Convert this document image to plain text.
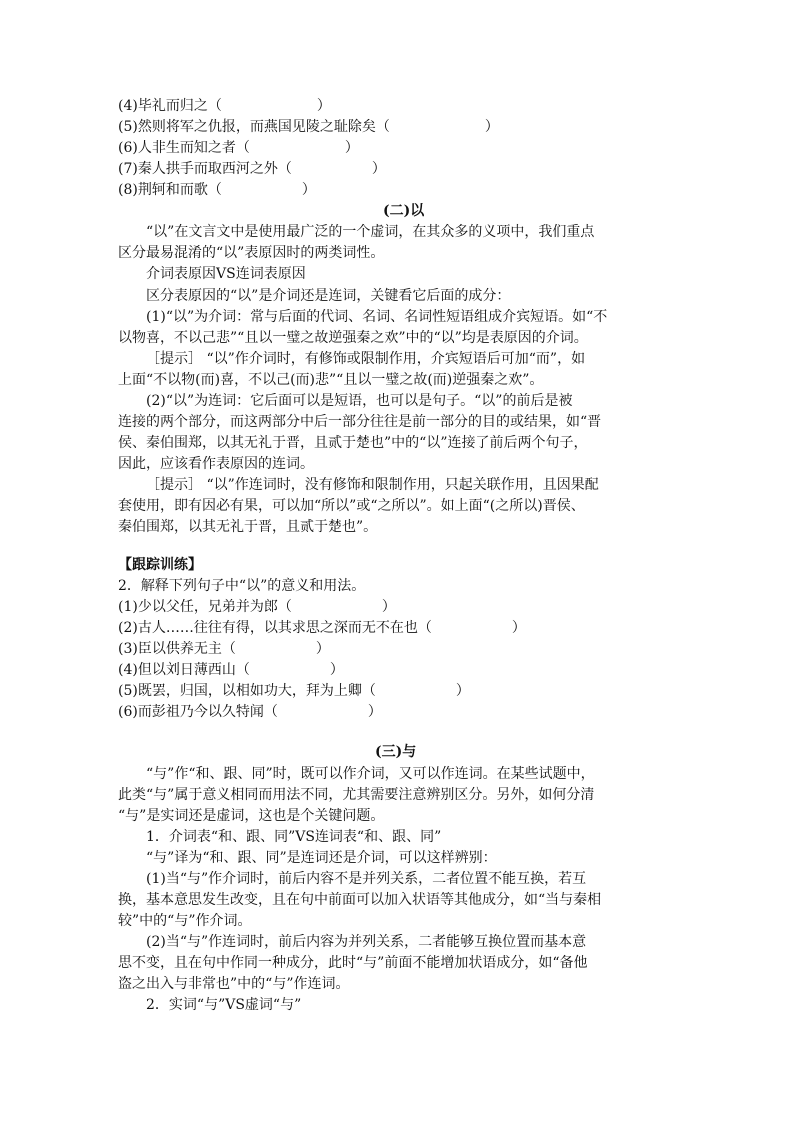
(4)毕礼而归之（	）
(5)然则将军之仇报，而燕国见陵之耻除矣（	）
(6)人非生而知之者（	）
(7)秦人拱手而取西河之外（	）
(8)荆轲和而歌（	）
(二)以
“以”在文言文中是使用最广泛的一个虚词，在其众多的义项中，我们重点
区分最易混淆的“以”表原因时的两类词性。
介词表原因VS连词表原因
区分表原因的“以”是介词还是连词，关键看它后面的成分：
(1)“以”为介词：常与后面的代词、名词、名词性短语组成介宾短语。如“不
以物喜，不以己悲”“且以一璧之故逆强秦之欢”中的“以”均是表原因的介词。
［提示］ “以”作介词时，有修饰或限制作用，介宾短语后可加“而”，如
上面“不以物(而)喜，不以己(而)悲”“且以一璧之故(而)逆强秦之欢”。
(2)“以”为连词：它后面可以是短语，也可以是句子。“以”的前后是被
连接的两个部分，而这两部分中后一部分往往是前一部分的目的或结果，如“晋
侯、秦伯围郑，以其无礼于晋，且贰于楚也”中的“以”连接了前后两个句子，
因此，应该看作表原因的连词。
［提示］ “以”作连词时，没有修饰和限制作用，只起关联作用，且因果配
套使用，即有因必有果，可以加“所以”或“之所以”。如上面“(之所以)晋侯、
秦伯围郑，以其无礼于晋，且贰于楚也”。
【跟踪训练】
2．解释下列句子中“以”的意义和用法。
(1)少以父任，兄弟并为郎（	）
(2)古人……往往有得，以其求思之深而无不在也（	）
(3)臣以供养无主（	）
(4)但以刘日薄西山（	）
(5)既罢，归国，以相如功大，拜为上卿（	）
(6)而彭祖乃今以久特闻（	）
(三)与
“与”作“和、跟、同”时，既可以作介词，又可以作连词。在某些试题中，
此类“与”属于意义相同而用法不同，尤其需要注意辨别区分。另外，如何分清
“与”是实词还是虚词，这也是个关键问题。
1．介词表“和、跟、同”VS连词表“和、跟、同”
“与”译为“和、跟、同”是连词还是介词，可以这样辨别：
(1)当“与”作介词时，前后内容不是并列关系，二者位置不能互换，若互
换，基本意思发生改变，且在句中前面可以加入状语等其他成分，如“当与秦相
较”中的“与”作介词。
(2)当“与”作连词时，前后内容为并列关系，二者能够互换位置而基本意
思不变，且在句中作同一种成分，此时“与”前面不能增加状语成分，如“备他
盗之出入与非常也”中的“与”作连词。
2．实词“与”VS虚词“与”
